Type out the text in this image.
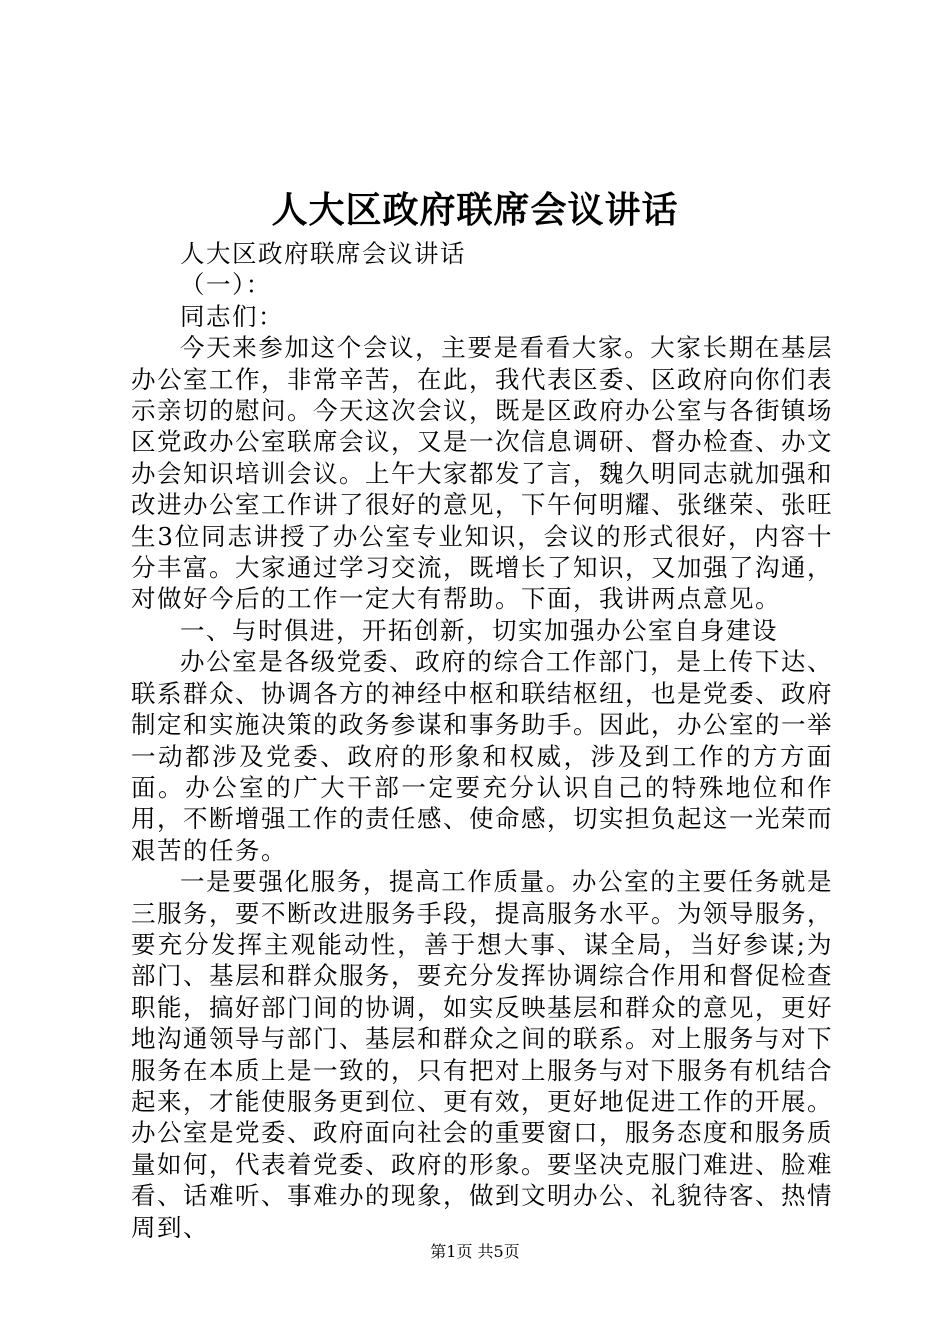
人大区政府联席会议讲话

人大区政府联席会议讲话

（一）：

同志们：

今天来参加这个会议，主要是看看大家。大家长期在基层办公室工作，非常辛苦，在此，我代表区委、区政府向你们表示亲切的慰问。今天这次会议，既是区政府办公室与各街镇场区党政办公室联席会议，又是一次信息调研、督办检查、办文办会知识培训会议。上午大家都发了言，魏久明同志就加强和改进办公室工作讲了很好的意见，下午何明耀、张继荣、张旺生3位同志讲授了办公室专业知识，会议的形式很好，内容十分丰富。大家通过学习交流，既增长了知识，又加强了沟通，对做好今后的工作一定大有帮助。下面，我讲两点意见。

一、与时俱进，开拓创新，切实加强办公室自身建设

办公室是各级党委、政府的综合工作部门，是上传下达、联系群众、协调各方的神经中枢和联结枢纽，也是党委、政府制定和实施决策的政务参谋和事务助手。因此，办公室的一举一动都涉及党委、政府的形象和权威，涉及到工作的方方面面。办公室的广大干部一定要充分认识自己的特殊地位和作用，不断增强工作的责任感、使命感，切实担负起这一光荣而艰苦的任务。

一是要强化服务，提高工作质量。办公室的主要任务就是三服务，要不断改进服务手段，提高服务水平。为领导服务，要充分发挥主观能动性，善于想大事、谋全局，当好参谋;为部门、基层和群众服务，要充分发挥协调综合作用和督促检查职能，搞好部门间的协调，如实反映基层和群众的意见，更好地沟通领导与部门、基层和群众之间的联系。对上服务与对下服务在本质上是一致的，只有把对上服务与对下服务有机结合起来，才能使服务更到位、更有效，更好地促进工作的开展。办公室是党委、政府面向社会的重要窗口，服务态度和服务质量如何，代表着党委、政府的形象。要坚决克服门难进、脸难看、话难听、事难办的现象，做到文明办公、礼貌待客、热情周到、

第1页 共5页
